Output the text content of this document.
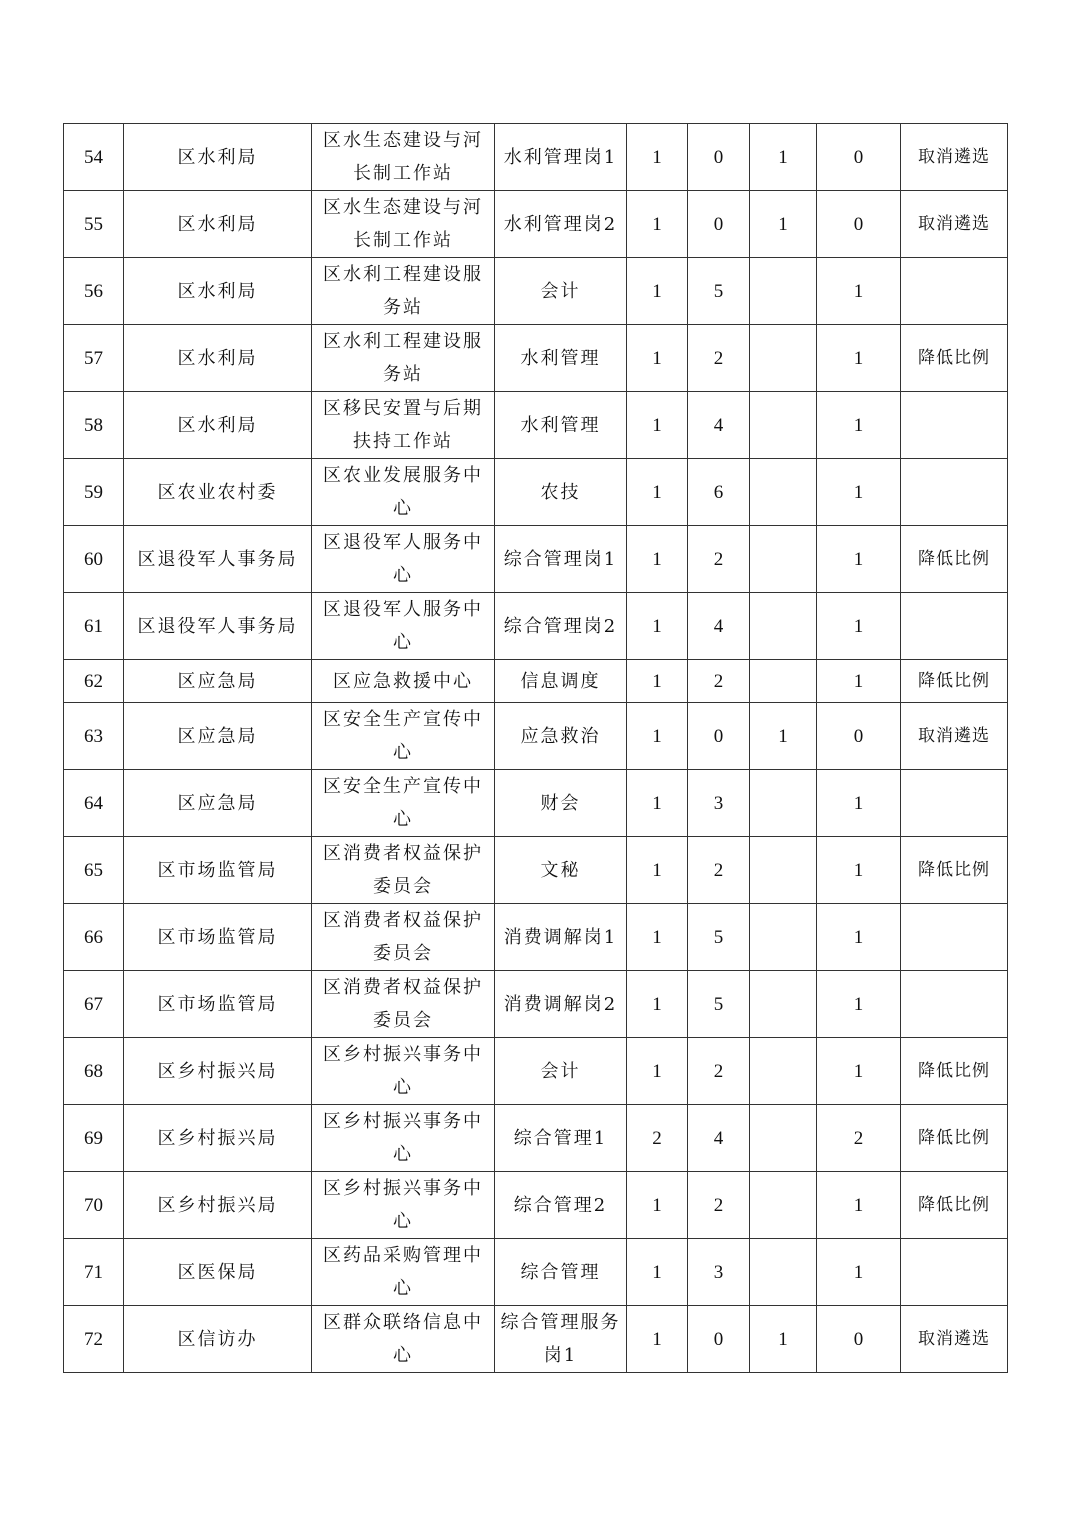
54	区水利局	区水生态建设与河长制工作站	水利管理岗1	1	0	1	0	取消遴选
55	区水利局	区水生态建设与河长制工作站	水利管理岗2	1	0	1	0	取消遴选
56	区水利局	区水利工程建设服务站	会计	1	5		1	
57	区水利局	区水利工程建设服务站	水利管理	1	2		1	降低比例
58	区水利局	区移民安置与后期扶持工作站	水利管理	1	4		1	
59	区农业农村委	区农业发展服务中心	农技	1	6		1	
60	区退役军人事务局	区退役军人服务中心	综合管理岗1	1	2		1	降低比例
61	区退役军人事务局	区退役军人服务中心	综合管理岗2	1	4		1	
62	区应急局	区应急救援中心	信息调度	1	2		1	降低比例
63	区应急局	区安全生产宣传中心	应急救治	1	0	1	0	取消遴选
64	区应急局	区安全生产宣传中心	财会	1	3		1	
65	区市场监管局	区消费者权益保护委员会	文秘	1	2		1	降低比例
66	区市场监管局	区消费者权益保护委员会	消费调解岗1	1	5		1	
67	区市场监管局	区消费者权益保护委员会	消费调解岗2	1	5		1	
68	区乡村振兴局	区乡村振兴事务中心	会计	1	2		1	降低比例
69	区乡村振兴局	区乡村振兴事务中心	综合管理1	2	4		2	降低比例
70	区乡村振兴局	区乡村振兴事务中心	综合管理2	1	2		1	降低比例
71	区医保局	区药品采购管理中心	综合管理	1	3		1	
72	区信访办	区群众联络信息中心	综合管理服务岗1	1	0	1	0	取消遴选
